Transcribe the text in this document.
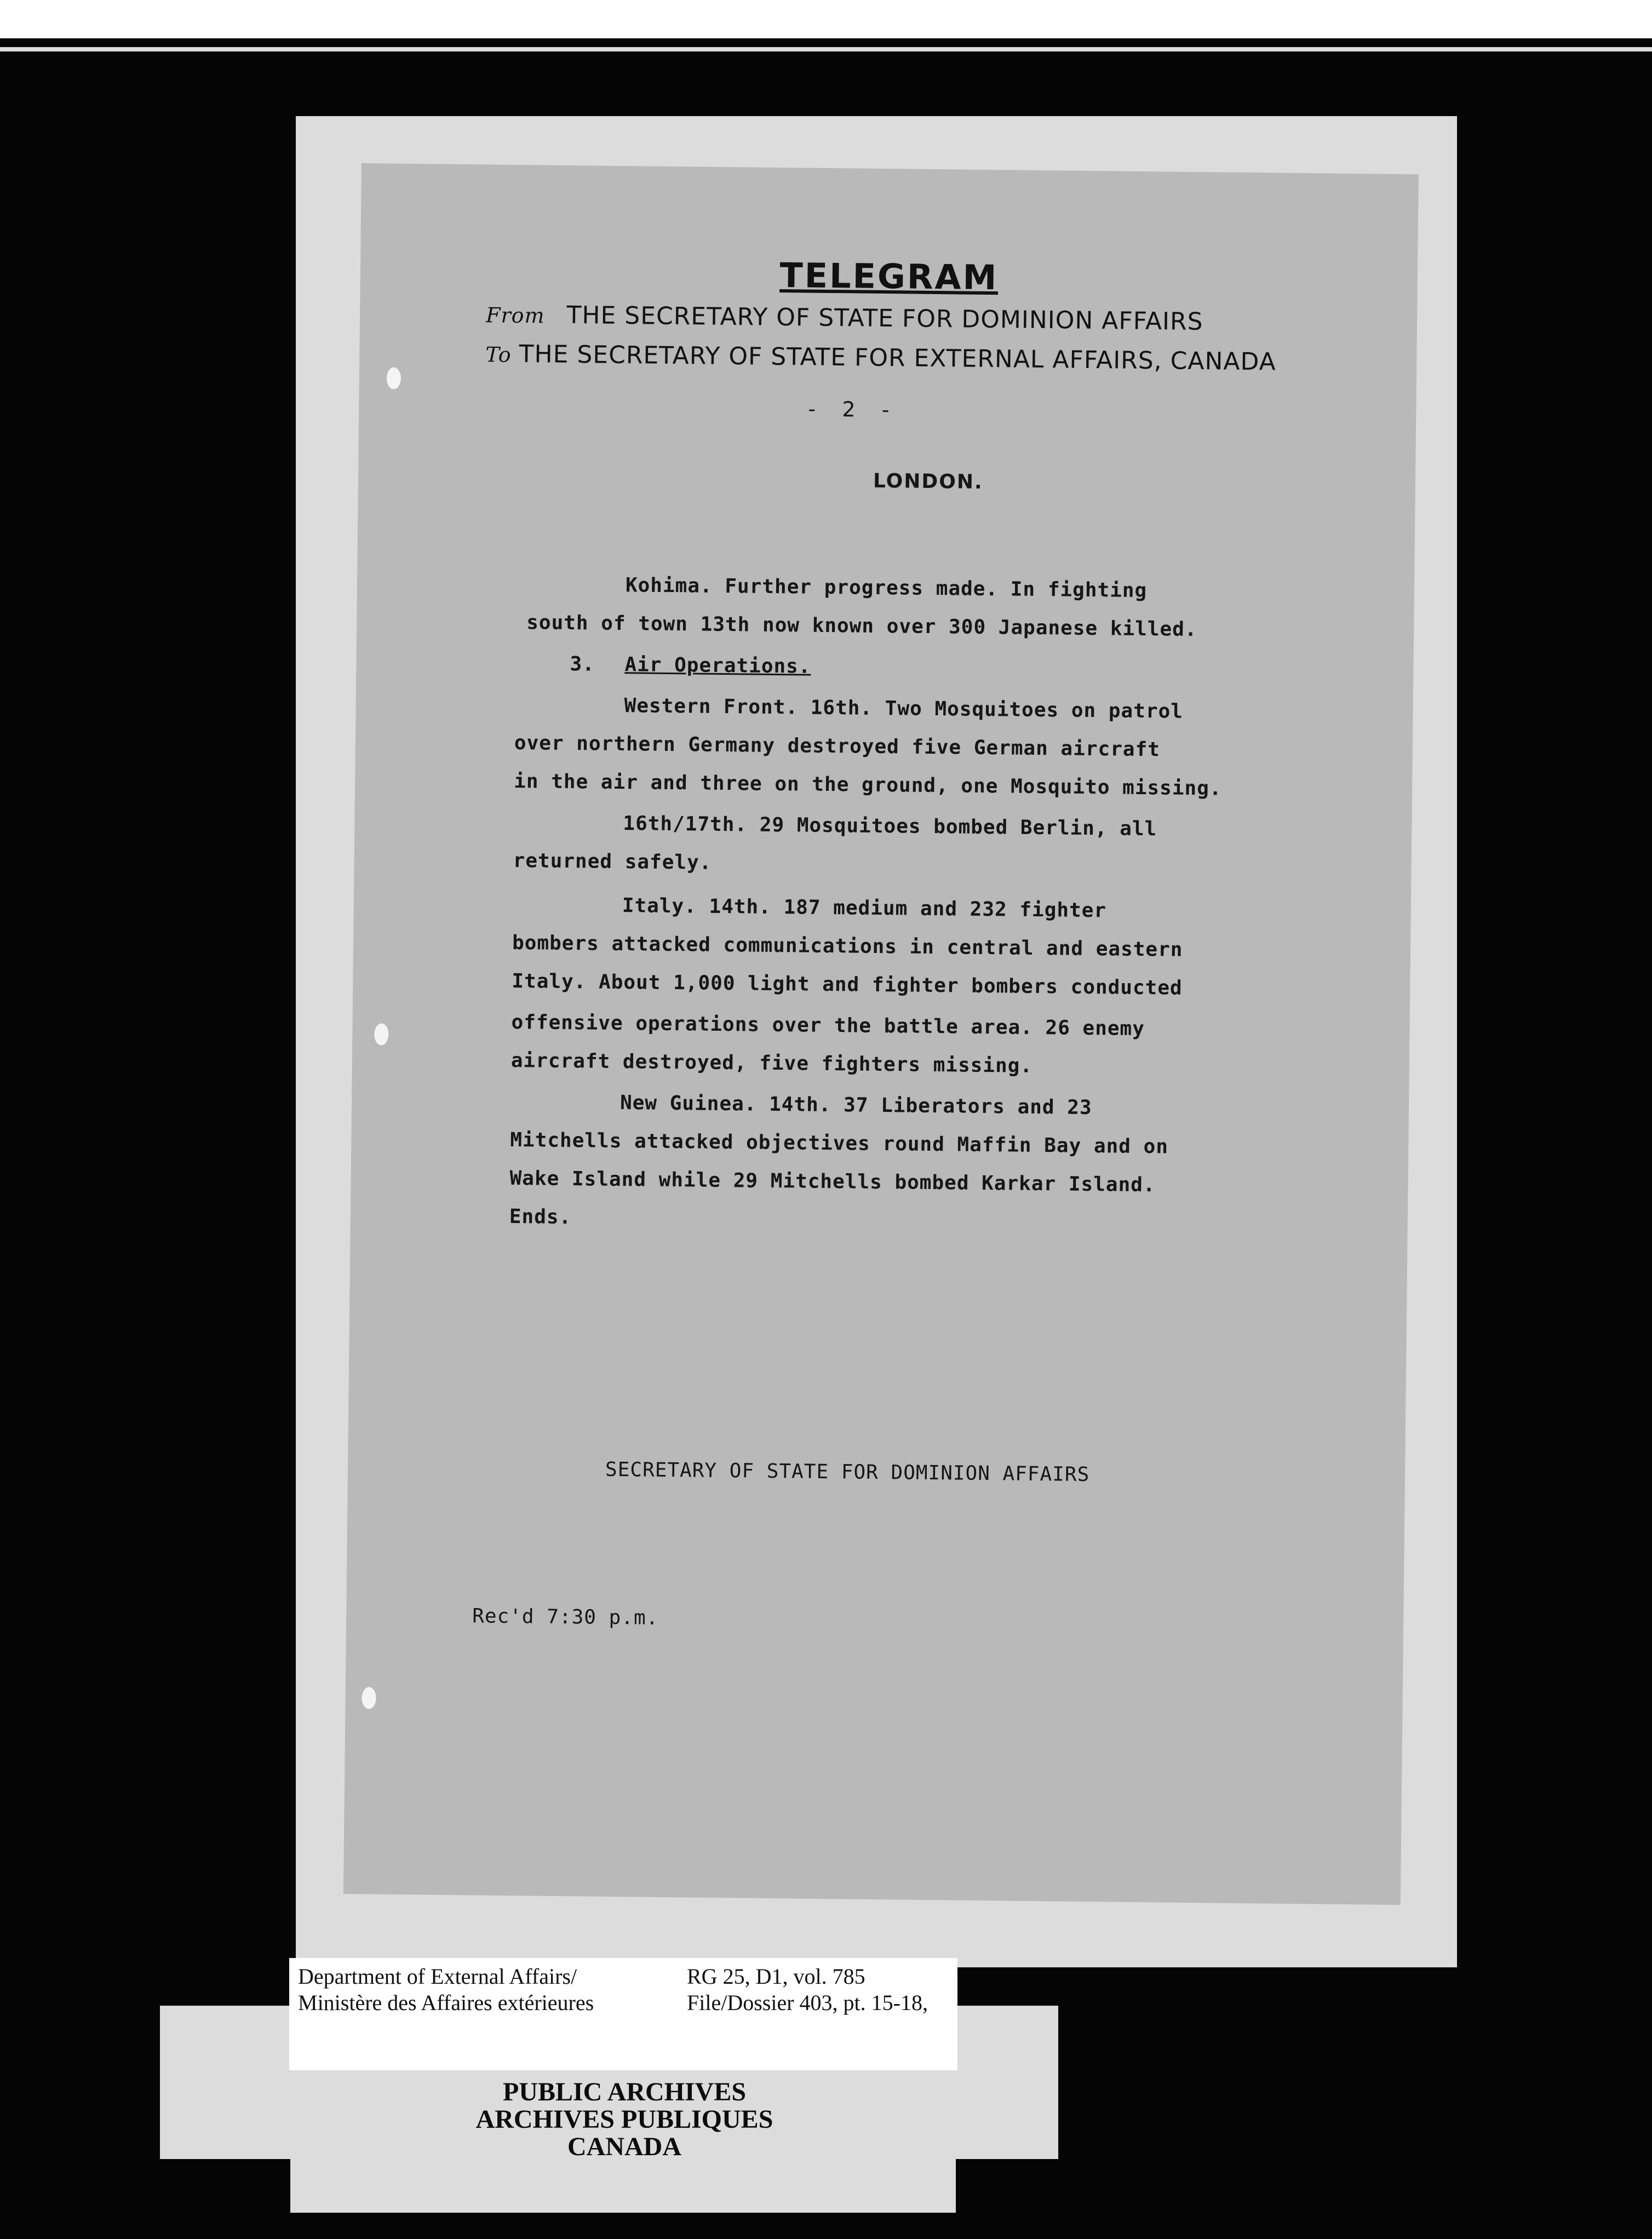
TELEGRAM
From THE SECRETARY OF STATE FOR DOMINION AFFAIRS
To THE SECRETARY OF STATE FOR EXTERNAL AFFAIRS, CANADA
-    2    -
LONDON.
Kohima. Further progress made. In fighting
south of town 13th now known over 300 Japanese killed.
3. Air Operations.
Western Front. 16th. Two Mosquitoes on patrol
over northern Germany destroyed five German aircraft
in the air and three on the ground, one Mosquito missing.
16th/17th. 29 Mosquitoes bombed Berlin, all
returned safely.
Italy. 14th. 187 medium and 232 fighter
bombers attacked communications in central and eastern
Italy. About 1,000 light and fighter bombers conducted
offensive operations over the battle area. 26 enemy
aircraft destroyed, five fighters missing.
New Guinea. 14th. 37 Liberators and 23
Mitchells attacked objectives round Maffin Bay and on
Wake Island while 29 Mitchells bombed Karkar Island.
Ends.
SECRETARY OF STATE FOR DOMINION AFFAIRS
Rec'd 7:30 p.m.
Department of External Affairs/
Ministère des Affaires extérieures
RG 25, D1, vol. 785
File/Dossier 403, pt. 15-18,
PUBLIC ARCHIVES
ARCHIVES PUBLIQUES
CANADA
